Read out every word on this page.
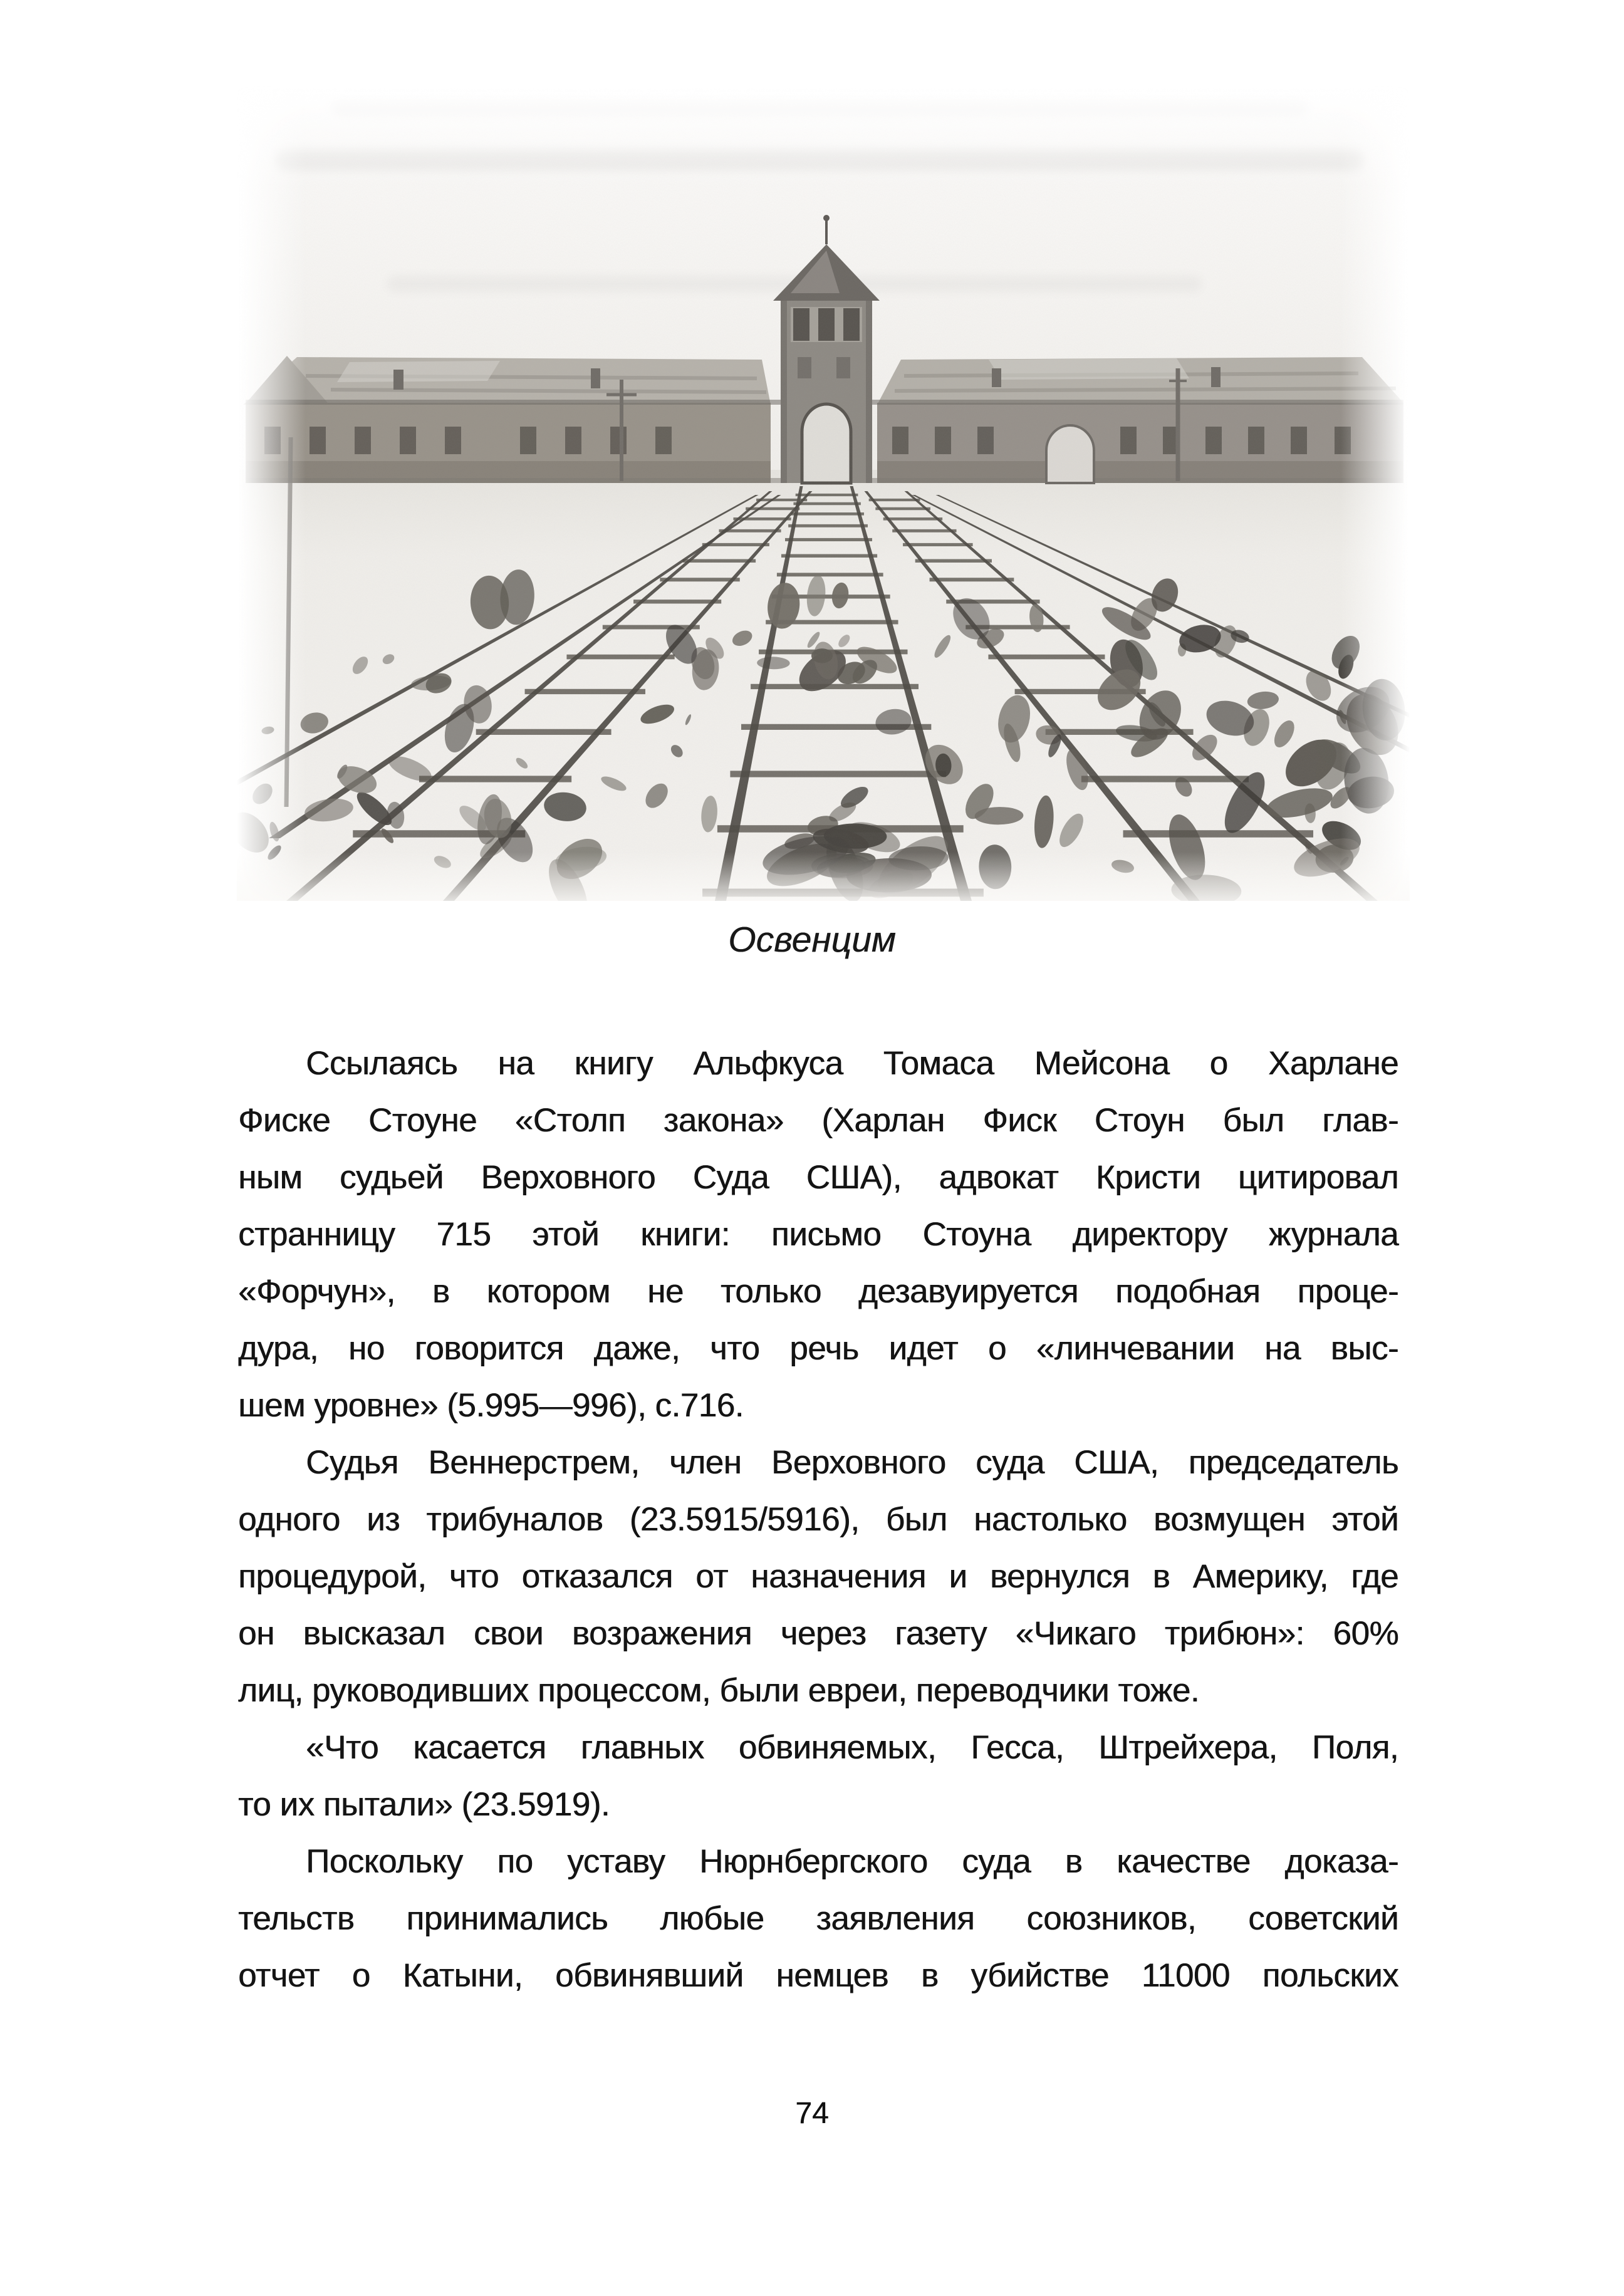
Освенцим
Ссылаясь на книгу Альфкуса Томаса Мейсона о Харлане
Фиске Стоуне «Столп закона» (Харлан Фиск Стоун был глав-
ным судьей Верховного Суда США), адвокат Кристи цитировал
странницу 715 этой книги: письмо Стоуна директору журнала
«Форчун», в котором не только дезавуируется подобная проце-
дура, но говорится даже, что речь идет о «линчевании на выс-
шем уровне» (5.995—996), с.716.
Судья Веннерстрем, член Верховного суда США, председатель
одного из трибуналов (23.5915/5916), был настолько возмущен этой
процедурой, что отказался от назначения и вернулся в Америку, где
он высказал свои возражения через газету «Чикаго трибюн»: 60%
лиц, руководивших процессом, были евреи, переводчики тоже.
«Что касается главных обвиняемых, Гесса, Штрейхера, Поля,
то их пытали» (23.5919).
Поскольку по уставу Нюрнбергского суда в качестве доказа-
тельств принимались любые заявления союзников, советский
отчет о Катыни, обвинявший немцев в убийстве 11000 польских
74
